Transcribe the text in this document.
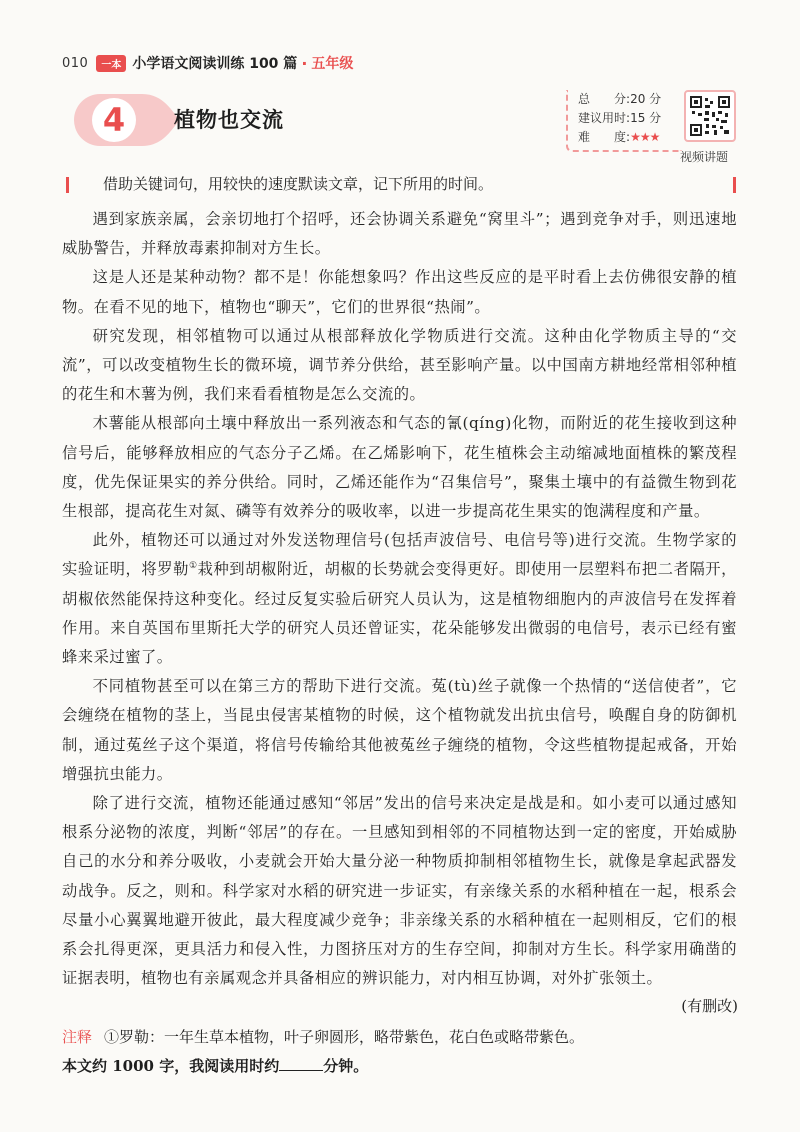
010	一本 小学语文阅读训练 100 篇 · 五年级
4	植物也交流
总　　分:20 分
建议用时:15 分
难　　度:★★★
视频讲题
借助关键词句，用较快的速度默读文章，记下所用的时间。

遇到家族亲属，会亲切地打个招呼，还会协调关系避免“窝里斗”；遇到竞争对手，则迅速地威胁警告，并释放毒素抑制对方生长。

这是人还是某种动物？都不是！你能想象吗？作出这些反应的是平时看上去仿佛很安静的植物。在看不见的地下，植物也“聊天”，它们的世界很“热闹”。

研究发现，相邻植物可以通过从根部释放化学物质进行交流。这种由化学物质主导的“交流”，可以改变植物生长的微环境，调节养分供给，甚至影响产量。以中国南方耕地经常相邻种植的花生和木薯为例，我们来看看植物是怎么交流的。

木薯能从根部向土壤中释放出一系列液态和气态的氰(qíng)化物，而附近的花生接收到这种信号后，能够释放相应的气态分子乙烯。在乙烯影响下，花生植株会主动缩减地面植株的繁茂程度，优先保证果实的养分供给。同时，乙烯还能作为“召集信号”，聚集土壤中的有益微生物到花生根部，提高花生对氮、磷等有效养分的吸收率，以进一步提高花生果实的饱满程度和产量。

此外，植物还可以通过对外发送物理信号(包括声波信号、电信号等)进行交流。生物学家的实验证明，将罗勒①栽种到胡椒附近，胡椒的长势就会变得更好。即使用一层塑料布把二者隔开，胡椒依然能保持这种变化。经过反复实验后研究人员认为，这是植物细胞内的声波信号在发挥着作用。来自英国布里斯托大学的研究人员还曾证实，花朵能够发出微弱的电信号，表示已经有蜜蜂来采过蜜了。

不同植物甚至可以在第三方的帮助下进行交流。菟(tù)丝子就像一个热情的“送信使者”，它会缠绕在植物的茎上，当昆虫侵害某植物的时候，这个植物就发出抗虫信号，唤醒自身的防御机制，通过菟丝子这个渠道，将信号传输给其他被菟丝子缠绕的植物，令这些植物提起戒备，开始增强抗虫能力。

除了进行交流，植物还能通过感知“邻居”发出的信号来决定是战是和。如小麦可以通过感知根系分泌物的浓度，判断“邻居”的存在。一旦感知到相邻的不同植物达到一定的密度，开始威胁自己的水分和养分吸收，小麦就会开始大量分泌一种物质抑制相邻植物生长，就像是拿起武器发动战争。反之，则和。科学家对水稻的研究进一步证实，有亲缘关系的水稻种植在一起，根系会尽量小心翼翼地避开彼此，最大程度减少竞争；非亲缘关系的水稻种植在一起则相反，它们的根系会扎得更深，更具活力和侵入性，力图挤压对方的生存空间，抑制对方生长。科学家用确凿的证据表明，植物也有亲属观念并具备相应的辨识能力，对内相互协调，对外扩张领土。

(有删改)
注释 ①罗勒：一年生草本植物，叶子卵圆形，略带紫色，花白色或略带紫色。
本文约 1000 字，我阅读用时约	分钟。
